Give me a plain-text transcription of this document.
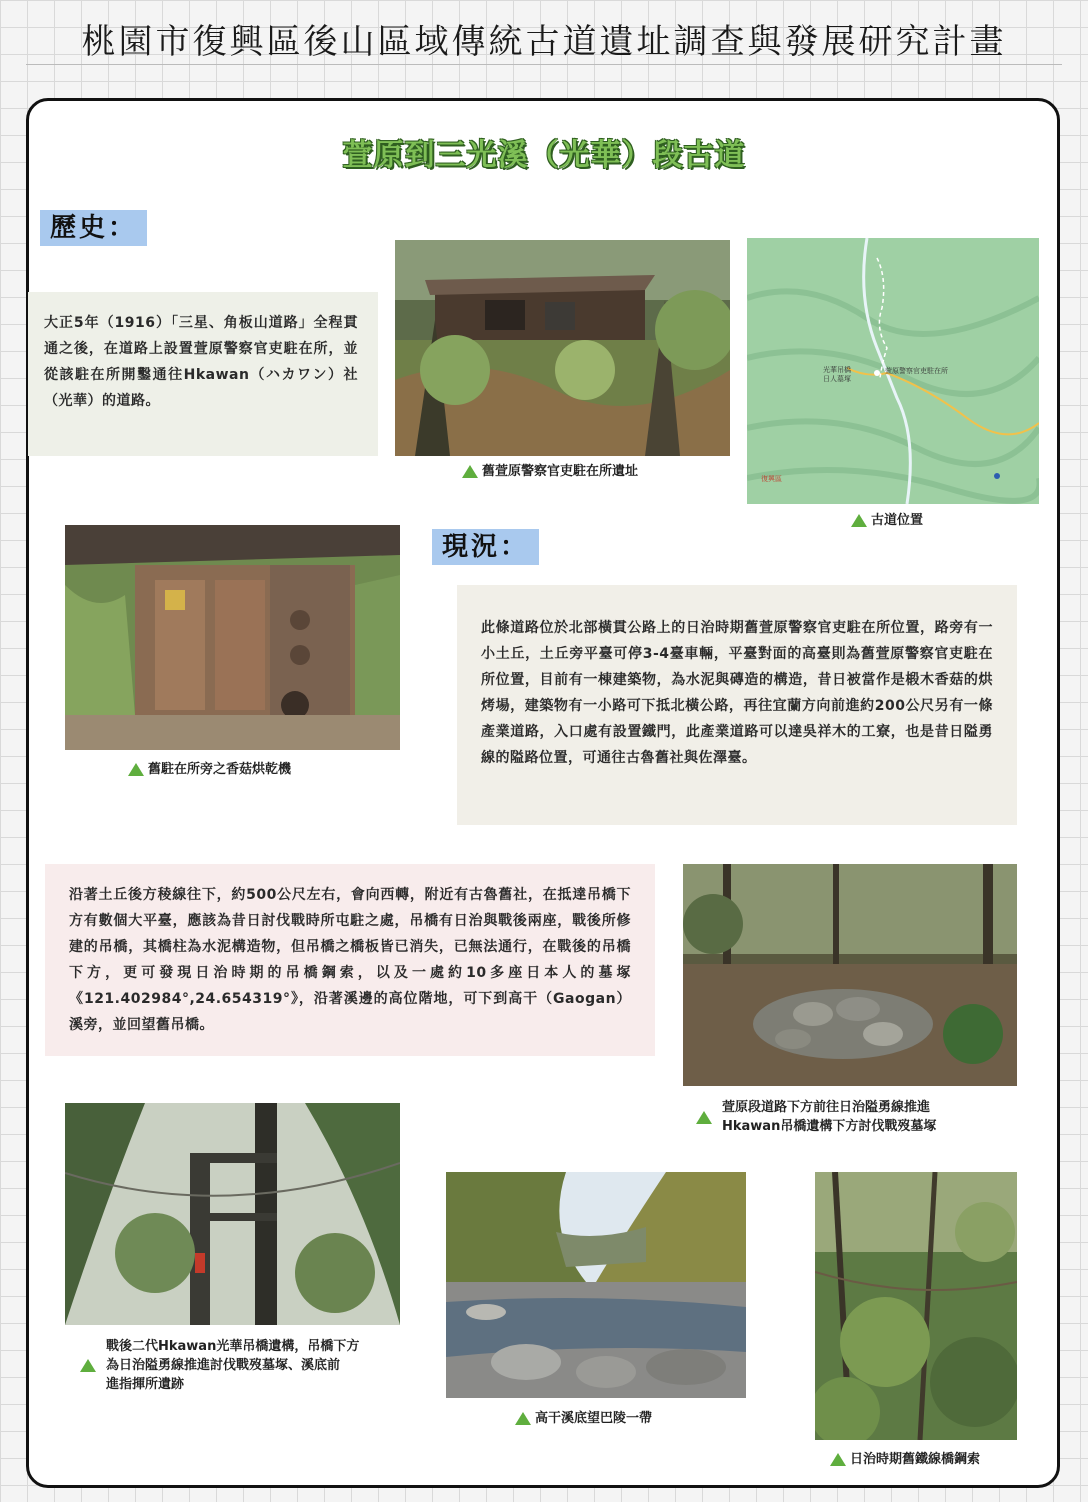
桃園市復興區後山區域傳統古道遺址調查與發展研究計畫
萱原到三光溪（光華）段古道
歷史：
大正5年（1916）「三星、角板山道路」全程貫通之後，在道路上設置萱原警察官吏駐在所，並從該駐在所開鑿通往Hkawan（ハカワン）社（光華）的道路。
舊萱原警察官吏駐在所遺址
光華吊橋
日人墓塚
萱原警察官吏駐在所
復興區
古道位置
舊駐在所旁之香菇烘乾機
現況：
此條道路位於北部橫貫公路上的日治時期舊萱原警察官吏駐在所位置，路旁有一小土丘，土丘旁平臺可停3-4臺車輛，平臺對面的高臺則為舊萱原警察官吏駐在所位置，目前有一棟建築物，為水泥與磚造的構造，昔日被當作是椴木香菇的烘烤場，建築物有一小路可下抵北橫公路，再往宜蘭方向前進約200公尺另有一條產業道路，入口處有設置鐵門，此產業道路可以達吳祥木的工寮，也是昔日隘勇線的隘路位置，可通往古魯舊社與佐澤臺。
沿著土丘後方稜線往下，約500公尺左右，會向西轉，附近有古魯舊社，在抵達吊橋下方有數個大平臺，應該為昔日討伐戰時所屯駐之處，吊橋有日治與戰後兩座，戰後所修建的吊橋，其橋柱為水泥構造物，但吊橋之橋板皆已消失，已無法通行，在戰後的吊橋下方，更可發現日治時期的吊橋鋼索，以及一處約10多座日本人的墓塚《121.402984°,24.654319°》，沿著溪邊的高位階地，可下到高干（Gaogan）溪旁，並回望舊吊橋。
萱原段道路下方前往日治隘勇線推進
Hkawan吊橋遺構下方討伐戰歿墓塚
戰後二代Hkawan光華吊橋遺構，吊橋下方
為日治隘勇線推進討伐戰歿墓塚、溪底前
進指揮所遺跡
高干溪底望巴陵一帶
日治時期舊鐵線橋鋼索
